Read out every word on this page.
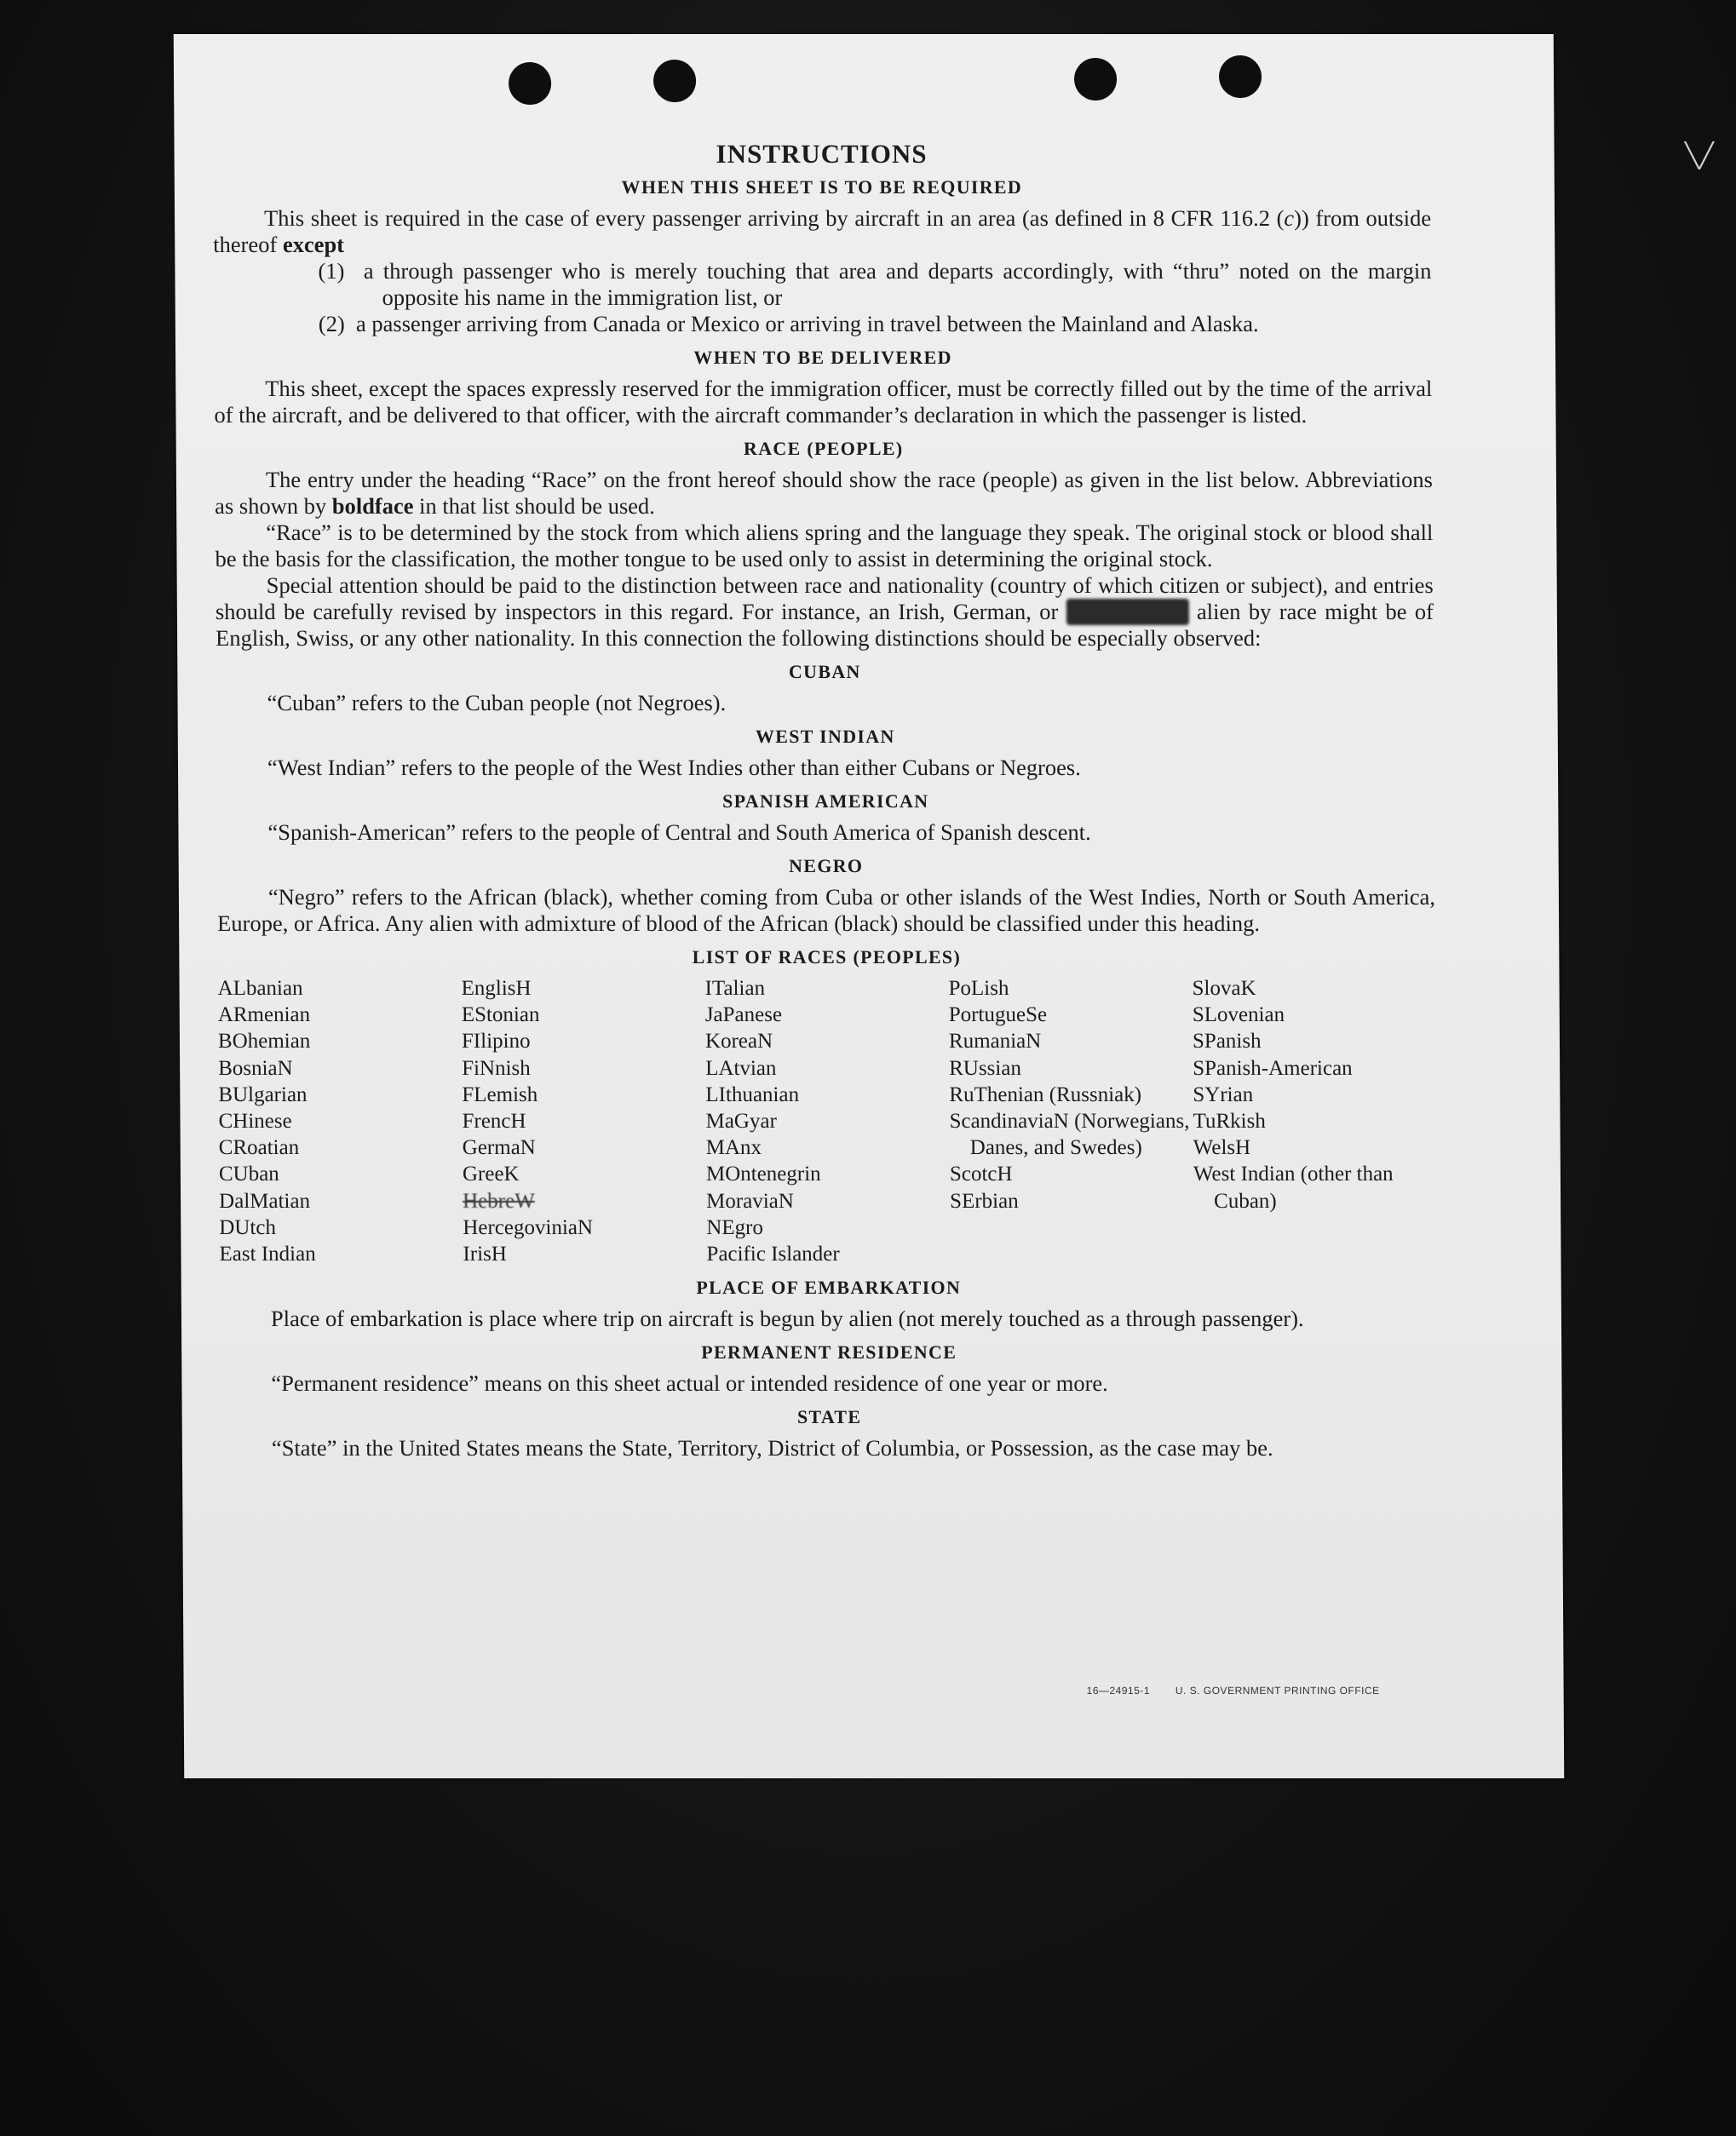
╲╱
INSTRUCTIONS
WHEN THIS SHEET IS TO BE REQUIRED

This sheet is required in the case of every passenger arriving by aircraft in an area (as defined in 8 CFR 116.2 (c)) from outside thereof except

(1) a through passenger who is merely touching that area and departs accordingly, with “thru” noted on the margin opposite his name in the immigration list, or

(2) a passenger arriving from Canada or Mexico or arriving in travel between the Mainland and Alaska.

WHEN TO BE DELIVERED

This sheet, except the spaces expressly reserved for the immigration officer, must be correctly filled out by the time of the arrival of the aircraft, and be delivered to that officer, with the aircraft commander’s declaration in which the passenger is listed.

RACE (PEOPLE)

The entry under the heading “Race” on the front hereof should show the race (people) as given in the list below. Abbreviations as shown by boldface in that list should be used.

“Race” is to be determined by the stock from which aliens spring and the language they speak. The original stock or blood shall be the basis for the classification, the mother tongue to be used only to assist in determining the original stock.

Special attention should be paid to the distinction between race and nationality (country of which citizen or subject), and entries should be carefully revised by inspectors in this regard. For instance, an Irish, German, or Hebrew alien by race might be of English, Swiss, or any other nationality. In this connection the following distinctions should be especially observed:

CUBAN

“Cuban” refers to the Cuban people (not Negroes).

WEST INDIAN

“West Indian” refers to the people of the West Indies other than either Cubans or Negroes.

SPANISH AMERICAN

“Spanish-American” refers to the people of Central and South America of Spanish descent.

NEGRO

“Negro” refers to the African (black), whether coming from Cuba or other islands of the West Indies, North or South America, Europe, or Africa. Any alien with admixture of blood of the African (black) should be classified under this heading.

LIST OF RACES (PEOPLES)
ALbanian
ARmenian
BOhemian
BosniaN
BUlgarian
CHinese
CRoatian
CUban
DalMatian
DUtch
East Indian
EnglisH
EStonian
FIlipino
FiNnish
FLemish
FrencH
GermaN
GreeK
HebreW
HercegoviniaN
IrisH
ITalian
JaPanese
KoreaN
LAtvian
LIthuanian
MaGyar
MAnx
MOntenegrin
MoraviaN
NEgro
Pacific Islander
PoLish
PortugueSe
RumaniaN
RUssian
RuThenian (Russniak)
ScandinaviaN (Norwegians, Danes, and Swedes)
ScotcH
SErbian
SlovaK
SLovenian
SPanish
SPanish-American
SYrian
TuRkish
WelsH
West Indian (other than Cuban)
PLACE OF EMBARKATION

Place of embarkation is place where trip on aircraft is begun by alien (not merely touched as a through passenger).

PERMANENT RESIDENCE

“Permanent residence” means on this sheet actual or intended residence of one year or more.

STATE

“State” in the United States means the State, Territory, District of Columbia, or Possession, as the case may be.

16—24915-1 U. S. GOVERNMENT PRINTING OFFICE
